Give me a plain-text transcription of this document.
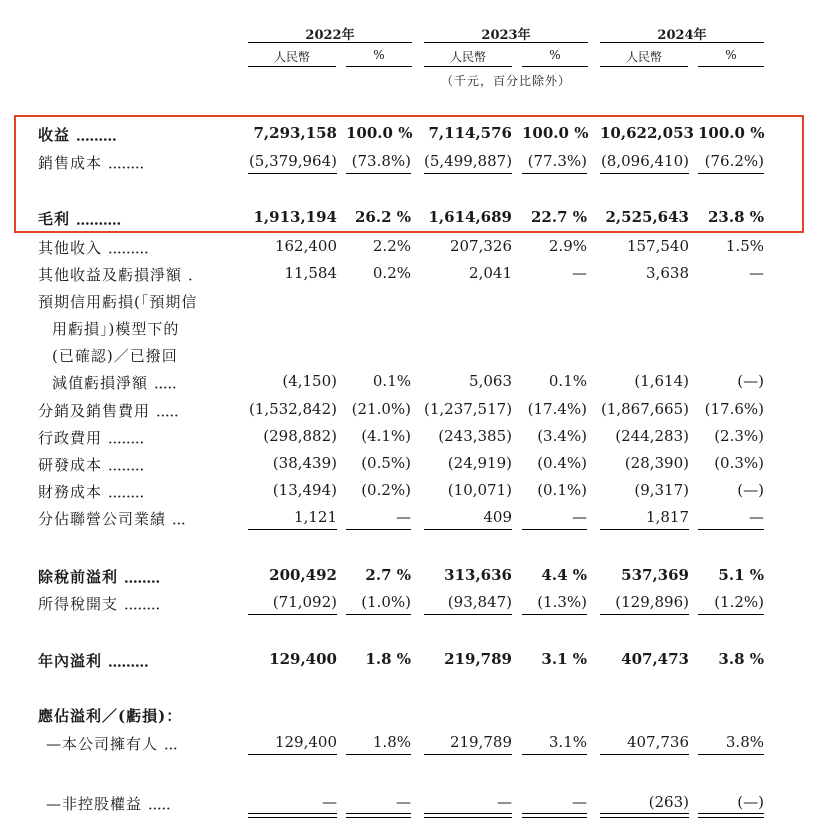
2022年	2023年	2024年
人民幣	%	人民幣	%	人民幣	%
（千元，百分比除外）
收益 ．．．．．．．．．	7,293,158 100.0 % 7,114,576 100.0 % 10,622,053 100.0 %
銷售成本 ．．．．．．．．	(5,379,964) (73.8%) (5,499,887)	(77.3%) (8,096,410)	(76.2%)
毛利 ．．．．．．．．．．	1,913,194	26.2 % 1,614,689	22.7 %	2,525,643	23.8 %
其他收入 ．．．．．．．．．	162,400	2.2%	207,326	2.9%	157,540	1.5%
其他收益及虧損淨額 ．	11,584	0.2%	2,041	—	3,638	—
預期信用虧損(「預期信
用虧損」)模型下的
(已確認)／已撥回
減值虧損淨額 ．．．．．	(4,150)	0.1%	5,063	0.1%	(1,614)	(—)
分銷及銷售費用 ．．．．．	(1,532,842) (21.0%) (1,237,517)	(17.4%) (1,867,665)	(17.6%)
行政費用 ．．．．．．．．	(298,882)	(4.1%)	(243,385)	(3.4%)	(244,283)	(2.3%)
研發成本 ．．．．．．．．	(38,439)	(0.5%)	(24,919)	(0.4%)	(28,390)	(0.3%)
財務成本 ．．．．．．．．	(13,494)	(0.2%)	(10,071)	(0.1%)	(9,317)	(—)
分佔聯營公司業績 ．．．	1,121	—	409	—	1,817	—
除稅前溢利 ．．．．．．．．	200,492	2.7 %	313,636	4.4 %	537,369	5.1 %
所得稅開支 ．．．．．．．．	(71,092)	(1.0%)	(93,847)	(1.3%)	(129,896)	(1.2%)
年內溢利 ．．．．．．．．．	129,400	1.8 %	219,789	3.1 %	407,473	3.8 %
應佔溢利／(虧損)：
—本公司擁有人 ．．．	129,400	1.8%	219,789	3.1%	407,736	3.8%
—非控股權益 ．．．．．	—	—	—	—	(263)	(—)
